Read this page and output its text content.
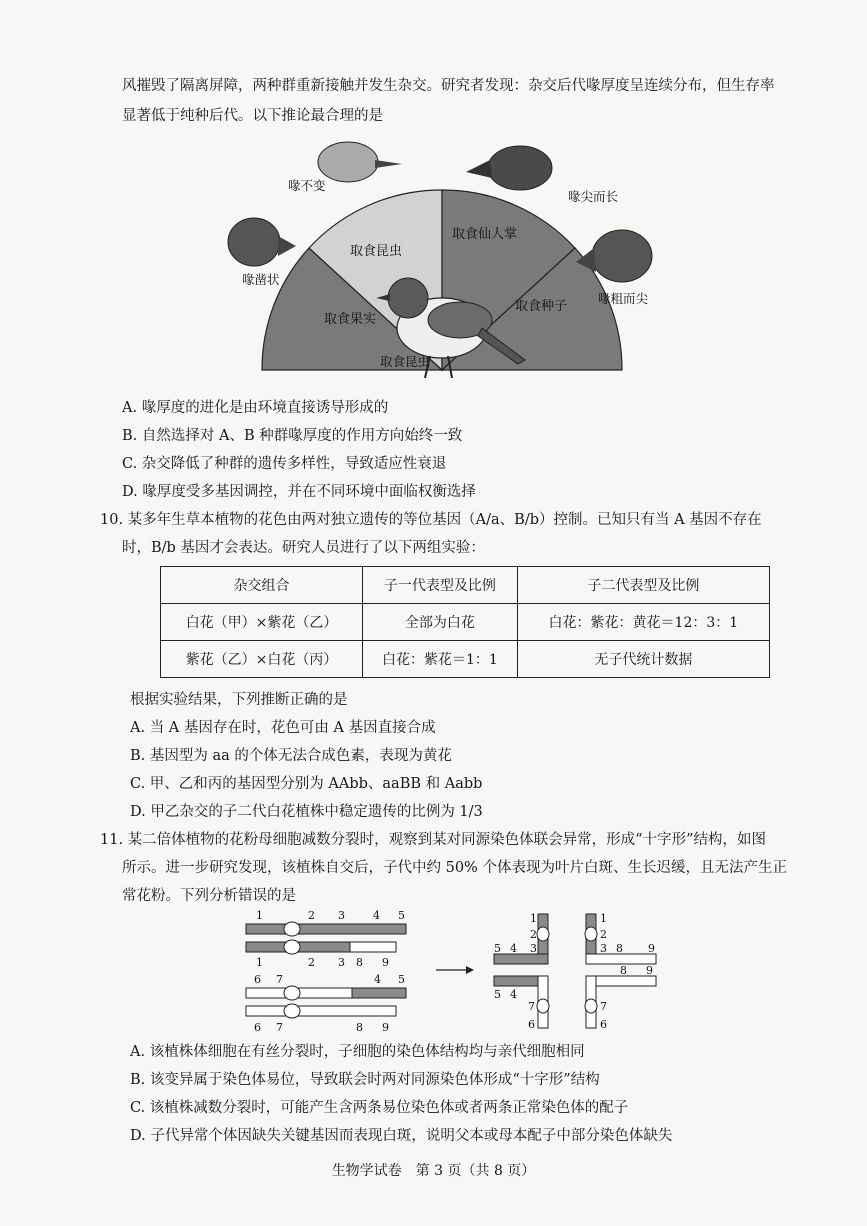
风摧毁了隔离屏障，两种群重新接触并发生杂交。研究者发现：杂交后代喙厚度呈连续分布，但生存率
显著低于纯种后代。以下推论最合理的是
取食果实
取食昆虫
取食仙人掌
取食种子
喙不变
喙尖而长
喙凿状
喙粗而尖
取食昆虫
A. 喙厚度的进化是由环境直接诱导形成的
B. 自然选择对 A、B 种群喙厚度的作用方向始终一致
C. 杂交降低了种群的遗传多样性，导致适应性衰退
D. 喙厚度受多基因调控，并在不同环境中面临权衡选择
10. 某多年生草本植物的花色由两对独立遗传的等位基因（A/a、B/b）控制。已知只有当 A 基因不存在
时，B/b 基因才会表达。研究人员进行了以下两组实验：
杂交组合	子一代表型及比例	子二代表型及比例
白花（甲）×紫花（乙）	全部为白花	白花：紫花：黄花＝12：3：1
紫花（乙）×白花（丙）	白花：紫花＝1：1	无子代统计数据
根据实验结果，下列推断正确的是
A. 当 A 基因存在时，花色可由 A 基因直接合成
B. 基因型为 aa 的个体无法合成色素，表现为黄花
C. 甲、乙和丙的基因型分别为 AAbb、aaBB 和 Aabb
D. 甲乙杂交的子二代白花植株中稳定遗传的比例为 1/3
11. 某二倍体植物的花粉母细胞减数分裂时，观察到某对同源染色体联会异常，形成“十字形”结构，如图
所示。进一步研究发现，该植株自交后，子代中约 50% 个体表现为叶片白斑、生长迟缓，且无法产生正
常花粉。下列分析错误的是
1	2 3	4 5
1	2 3 8 9
6 7	4 5
6 7	8 9
1
2
3
5 4
1
2
3 8 9
5 4
8 9
7
6
7
6
A. 该植株体细胞在有丝分裂时，子细胞的染色体结构均与亲代细胞相同
B. 该变异属于染色体易位，导致联会时两对同源染色体形成“十字形”结构
C. 该植株减数分裂时，可能产生含两条易位染色体或者两条正常染色体的配子
D. 子代异常个体因缺失关键基因而表现白斑，说明父本或母本配子中部分染色体缺失
生物学试卷　第 3 页（共 8 页）
